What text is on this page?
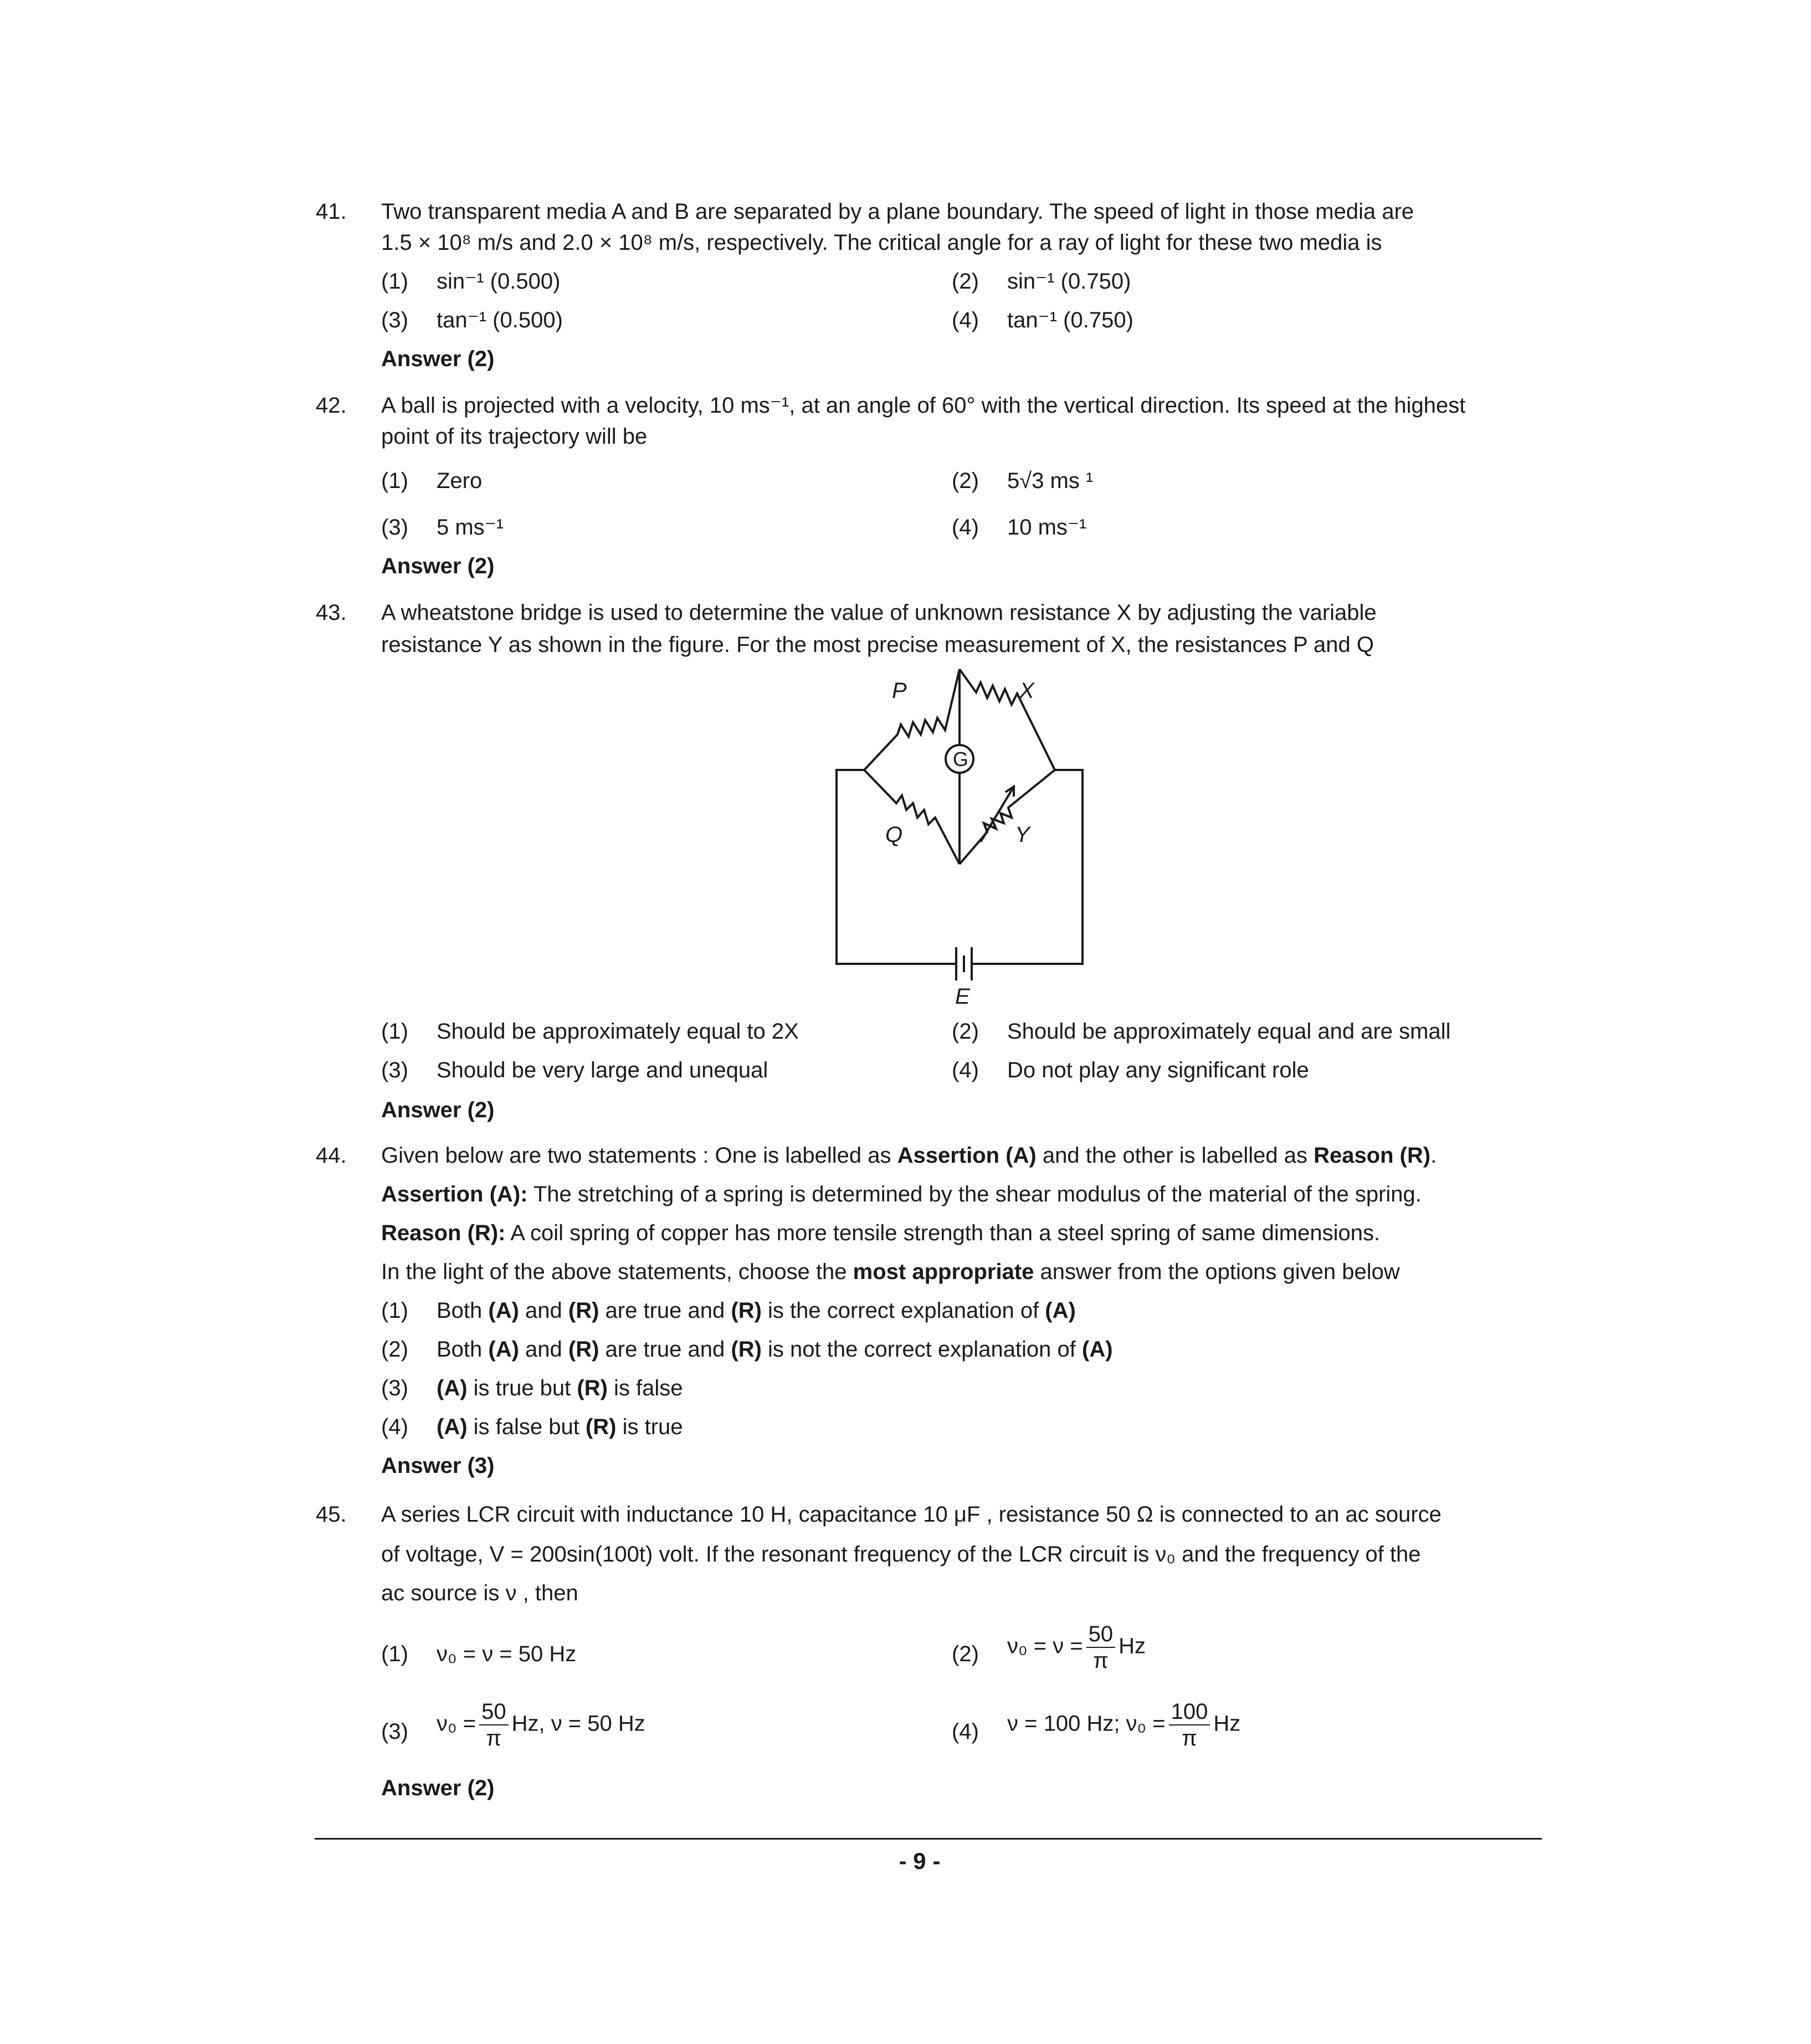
41. Two transparent media A and B are separated by a plane boundary. The speed of light in those media are
1.5 × 10⁸ m/s and 2.0 × 10⁸ m/s, respectively. The critical angle for a ray of light for these two media is
(1) sin⁻¹ (0.500)	(2) sin⁻¹ (0.750)
(3) tan⁻¹ (0.500)	(4) tan⁻¹ (0.750)
Answer (2)
42. A ball is projected with a velocity, 10 ms⁻¹, at an angle of 60° with the vertical direction. Its speed at the highest
point of its trajectory will be
(1) Zero	(2) 5√3 ms ¹
(3) 5 ms⁻¹	(4) 10 ms⁻¹
Answer (2)
43. A wheatstone bridge is used to determine the value of unknown resistance X by adjusting the variable
resistance Y as shown in the figure. For the most precise measurement of X, the resistances P and Q
P	X
Q	Y
G
E
(1) Should be approximately equal to 2X	(2) Should be approximately equal and are small
(3) Should be very large and unequal	(4) Do not play any significant role
Answer (2)
44. Given below are two statements : One is labelled as Assertion (A) and the other is labelled as Reason (R).
Assertion (A): The stretching of a spring is determined by the shear modulus of the material of the spring.
Reason (R): A coil spring of copper has more tensile strength than a steel spring of same dimensions.
In the light of the above statements, choose the most appropriate answer from the options given below
(1) Both (A) and (R) are true and (R) is the correct explanation of (A)
(2) Both (A) and (R) are true and (R) is not the correct explanation of (A)
(3) (A) is true but (R) is false
(4) (A) is false but (R) is true
Answer (3)
45. A series LCR circuit with inductance 10 H, capacitance 10 μF , resistance 50 Ω is connected to an ac source
of voltage, V = 200sin(100t) volt. If the resonant frequency of the LCR circuit is ν₀ and the frequency of the
ac source is ν , then
(1) ν₀ = ν = 50 Hz	(2) $\nu_0 = \nu = \frac{50}{\pi}$ Hz
(3) $\nu_0 = \frac{50}{\pi} Hz$, ν = 50 Hz	(4) ν = 100 Hz; $\nu_0 = \frac{100}{\pi}$ Hz
Answer (2)
- 9 -
